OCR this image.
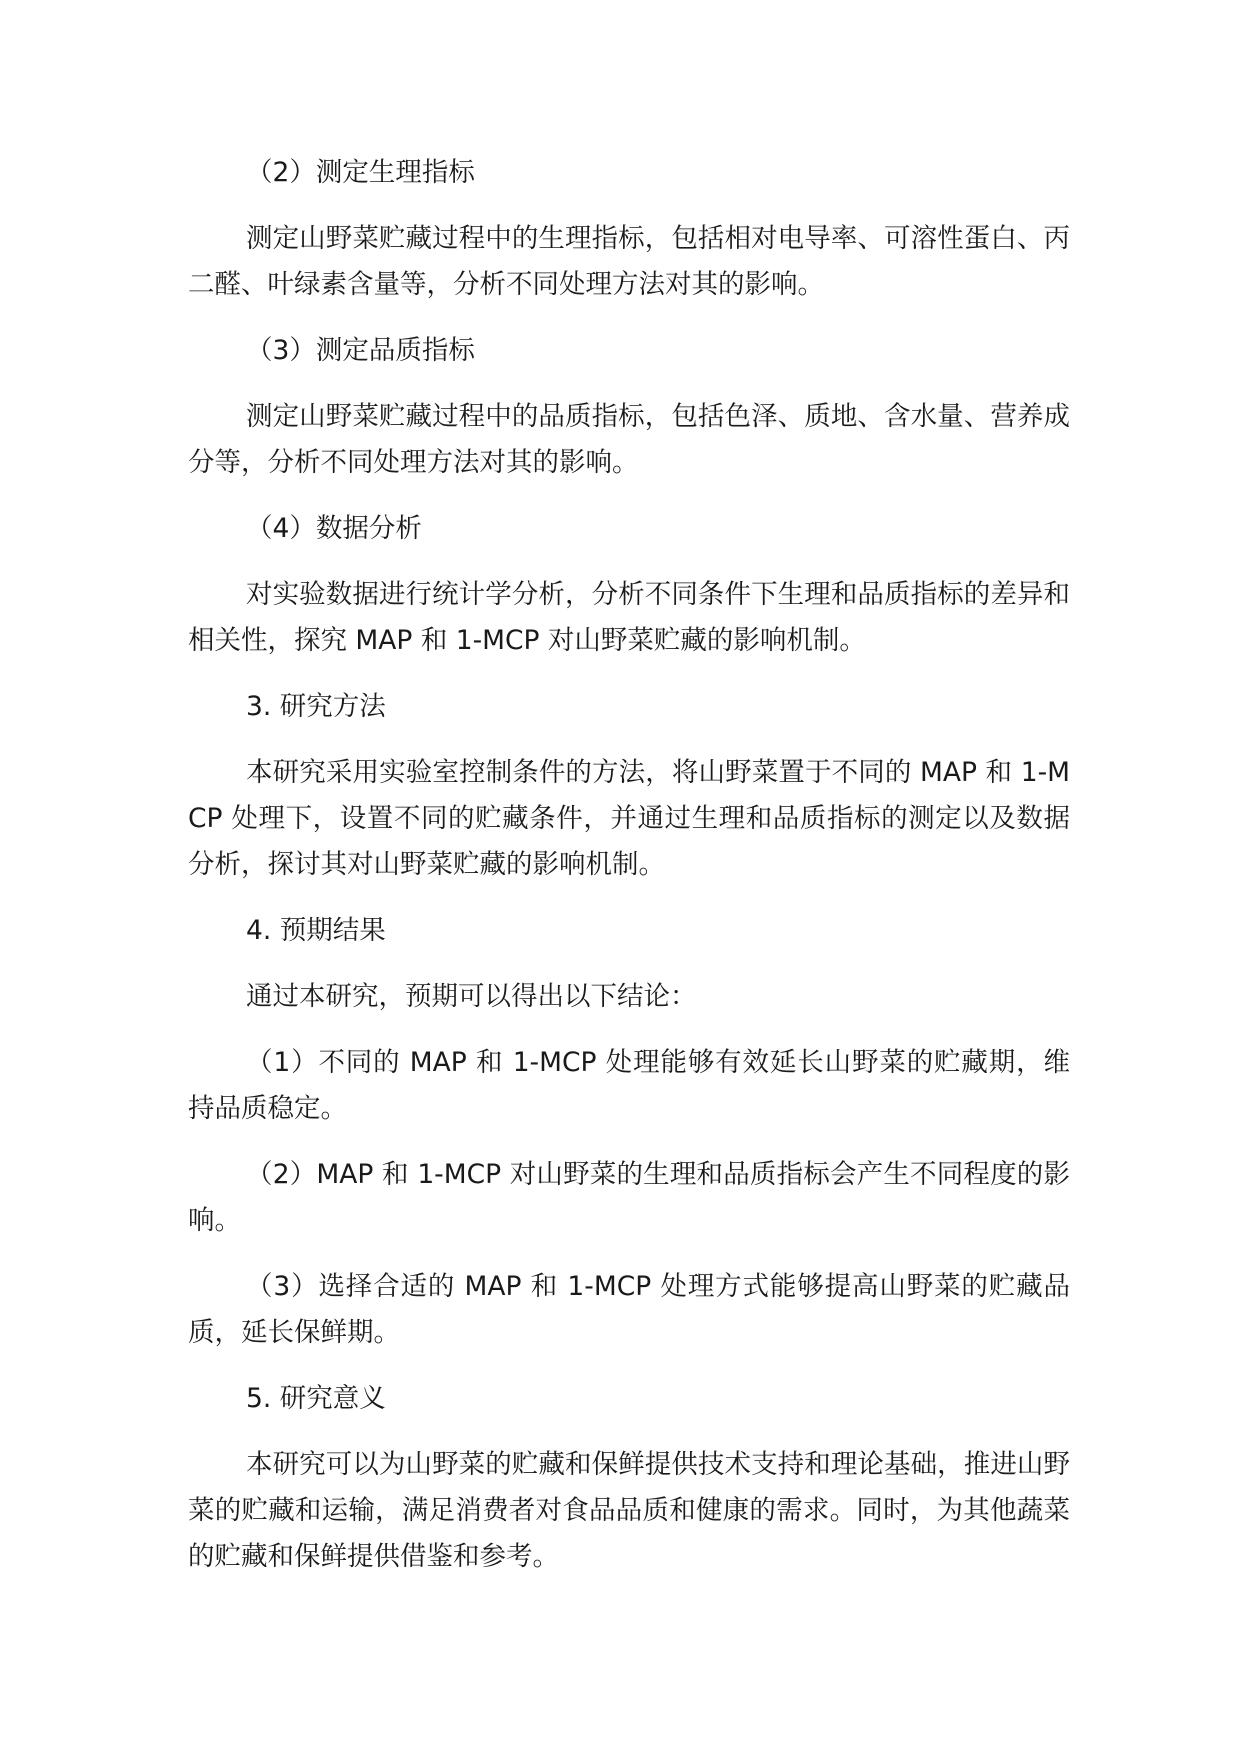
（2）测定生理指标

测定山野菜贮藏过程中的生理指标，包括相对电导率、可溶性蛋白、丙二醛、叶绿素含量等，分析不同处理方法对其的影响。

（3）测定品质指标

测定山野菜贮藏过程中的品质指标，包括色泽、质地、含水量、营养成分等，分析不同处理方法对其的影响。

（4）数据分析

对实验数据进行统计学分析，分析不同条件下生理和品质指标的差异和相关性，探究 MAP 和 1-MCP 对山野菜贮藏的影响机制。

3. 研究方法

本研究采用实验室控制条件的方法，将山野菜置于不同的 MAP 和 1-MCP 处理下，设置不同的贮藏条件，并通过生理和品质指标的测定以及数据分析，探讨其对山野菜贮藏的影响机制。

4. 预期结果

通过本研究，预期可以得出以下结论：

（1）不同的 MAP 和 1-MCP 处理能够有效延长山野菜的贮藏期，维持品质稳定。

（2）MAP 和 1-MCP 对山野菜的生理和品质指标会产生不同程度的影响。

（3）选择合适的 MAP 和 1-MCP 处理方式能够提高山野菜的贮藏品质，延长保鲜期。

5. 研究意义

本研究可以为山野菜的贮藏和保鲜提供技术支持和理论基础，推进山野菜的贮藏和运输，满足消费者对食品品质和健康的需求。同时，为其他蔬菜的贮藏和保鲜提供借鉴和参考。
